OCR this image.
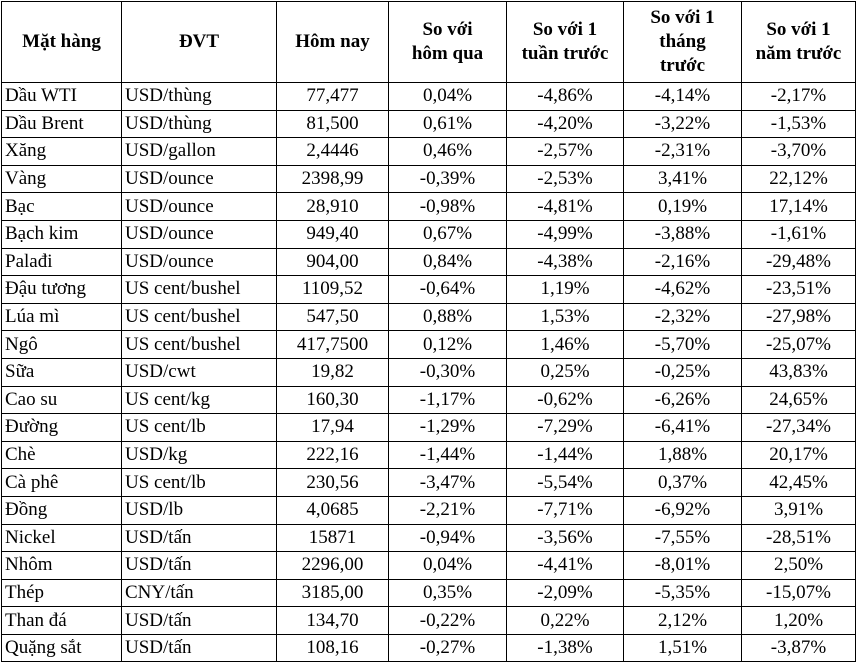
Mặt hàng	ĐVT	Hôm nay	So với hôm qua	So với 1 tuần trước	So với 1 tháng trước	So với 1 năm trước

Dầu WTI	USD/thùng	77,477	0,04%	-4,86%	-4,14%	-2,17%
Dầu Brent	USD/thùng	81,500	0,61%	-4,20%	-3,22%	-1,53%
Xăng	USD/gallon	2,4446	0,46%	-2,57%	-2,31%	-3,70%
Vàng	USD/ounce	2398,99	-0,39%	-2,53%	3,41%	22,12%
Bạc	USD/ounce	28,910	-0,98%	-4,81%	0,19%	17,14%
Bạch kim	USD/ounce	949,40	0,67%	-4,99%	-3,88%	-1,61%
Palađi	USD/ounce	904,00	0,84%	-4,38%	-2,16%	-29,48%
Đậu tương	US cent/bushel	1109,52	-0,64%	1,19%	-4,62%	-23,51%
Lúa mì	US cent/bushel	547,50	0,88%	1,53%	-2,32%	-27,98%
Ngô	US cent/bushel	417,7500	0,12%	1,46%	-5,70%	-25,07%
Sữa	USD/cwt	19,82	-0,30%	0,25%	-0,25%	43,83%
Cao su	US cent/kg	160,30	-1,17%	-0,62%	-6,26%	24,65%
Đường	US cent/lb	17,94	-1,29%	-7,29%	-6,41%	-27,34%
Chè	USD/kg	222,16	-1,44%	-1,44%	1,88%	20,17%
Cà phê	US cent/lb	230,56	-3,47%	-5,54%	0,37%	42,45%
Đồng	USD/lb	4,0685	-2,21%	-7,71%	-6,92%	3,91%
Nickel	USD/tấn	15871	-0,94%	-3,56%	-7,55%	-28,51%
Nhôm	USD/tấn	2296,00	0,04%	-4,41%	-8,01%	2,50%
Thép	CNY/tấn	3185,00	0,35%	-2,09%	-5,35%	-15,07%
Than đá	USD/tấn	134,70	-0,22%	0,22%	2,12%	1,20%
Quặng sắt	USD/tấn	108,16	-0,27%	-1,38%	1,51%	-3,87%
